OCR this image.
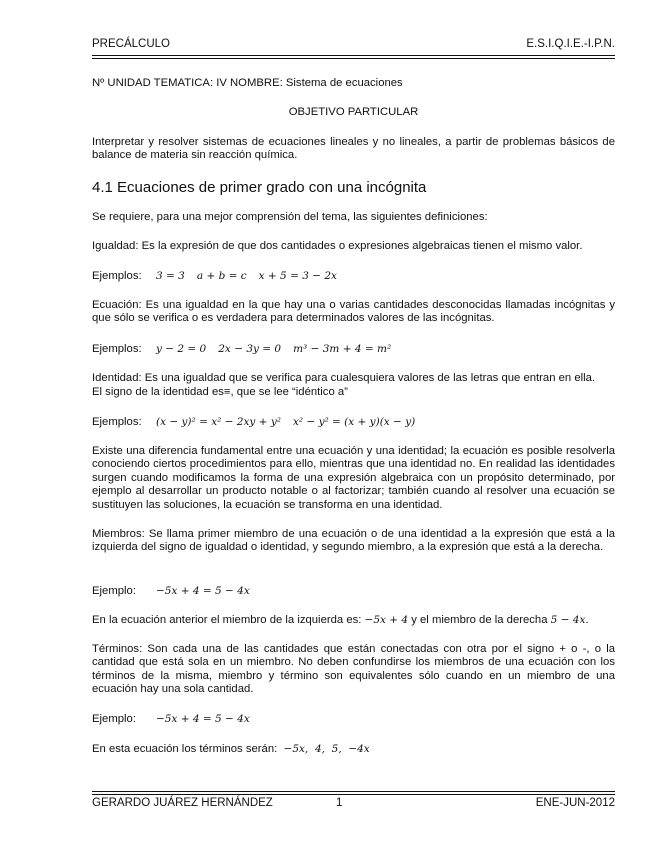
PRECÁLCULO	E.S.I.Q.I.E.-I.P.N.
Nº UNIDAD TEMATICA: IV NOMBRE: Sistema de ecuaciones
OBJETIVO PARTICULAR
Interpretar y resolver sistemas de ecuaciones lineales y no lineales, a partir de problemas básicos de balance de materia sin reacción química.
4.1 Ecuaciones de primer grado con una incógnita
Se requiere, para una mejor comprensión del tema, las siguientes definiciones:
Igualdad: Es la expresión de que dos cantidades o expresiones algebraicas tienen el mismo valor.
Ejemplos: 3 = 3 a + b = c x + 5 = 3 − 2x
Ecuación: Es una igualdad en la que hay una o varias cantidades desconocidas llamadas incógnitas y que sólo se verifica o es verdadera para determinados valores de las incógnitas.
Ejemplos: y − 2 = 0 2x − 3y = 0 m³ − 3m + 4 = m²
Identidad: Es una igualdad que se verifica para cualesquiera valores de las letras que entran en ella.
El signo de la identidad es≡, que se lee “idéntico a”
Ejemplos: (x − y)² = x² − 2xy + y² x² − y² = (x + y)(x − y)
Existe una diferencia fundamental entre una ecuación y una identidad; la ecuación es posible resolverla conociendo ciertos procedimientos para ello, mientras que una identidad no. En realidad las identidades surgen cuando modificamos la forma de una expresión algebraica con un propósito determinado, por ejemplo al desarrollar un producto notable o al factorizar; también cuando al resolver una ecuación se sustituyen las soluciones, la ecuación se transforma en una identidad.
Miembros: Se llama primer miembro de una ecuación o de una identidad a la expresión que está a la izquierda del signo de igualdad o identidad, y segundo miembro, a la expresión que está a la derecha.
Ejemplo: −5x + 4 = 5 − 4x
En la ecuación anterior el miembro de la izquierda es: −5x + 4 y el miembro de la derecha 5 − 4x.
Términos: Son cada una de las cantidades que están conectadas con otra por el signo + o -, o la cantidad que está sola en un miembro. No deben confundirse los miembros de una ecuación con los términos de la misma, miembro y término son equivalentes sólo cuando en un miembro de una ecuación hay una sola cantidad.
Ejemplo: −5x + 4 = 5 − 4x
En esta ecuación los términos serán: −5x,  4,  5,  −4x
GERARDO JUÁREZ HERNÁNDEZ	1	ENE-JUN-2012
